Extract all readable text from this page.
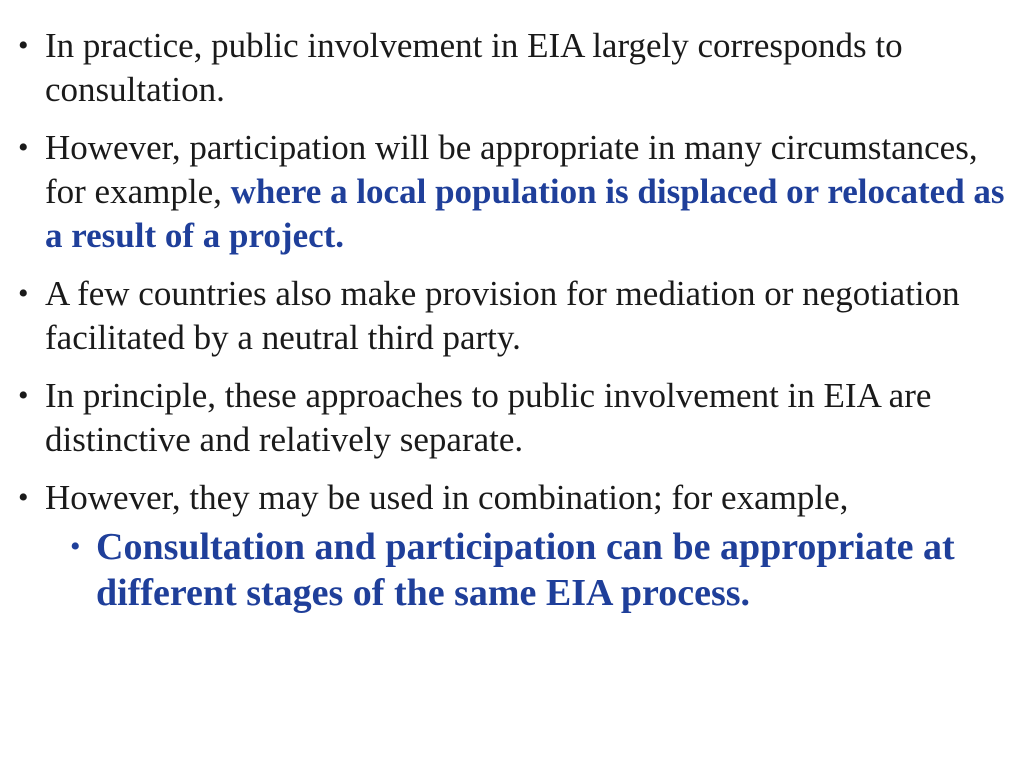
• In practice, public involvement in EIA largely corresponds to consultation.
• However, participation will be appropriate in many circumstances, for example, where a local population is displaced or relocated as a result of a project.
• A few countries also make provision for mediation or negotiation facilitated by a neutral third party.
• In principle, these approaches to public involvement in EIA are distinctive and relatively separate.
• However, they may be used in combination; for example,
• Consultation and participation can be appropriate at different stages of the same EIA process.
